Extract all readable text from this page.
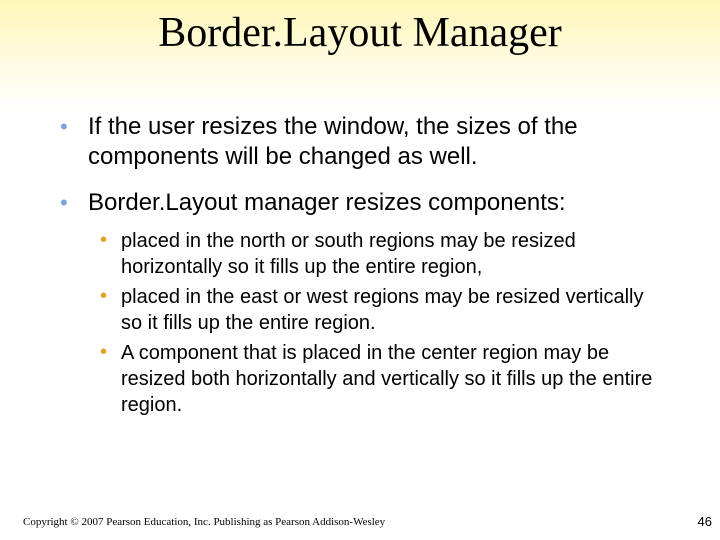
Border.Layout Manager
• If the user resizes the window, the sizes of the components will be changed as well.
• Border.Layout manager resizes components:
• placed in the north or south regions may be resized horizontally so it fills up the entire region,
• placed in the east or west regions may be resized vertically so it fills up the entire region.
• A component that is placed in the center region may be resized both horizontally and vertically so it fills up the entire region.
Copyright © 2007 Pearson Education, Inc. Publishing as Pearson Addison-Wesley	46
